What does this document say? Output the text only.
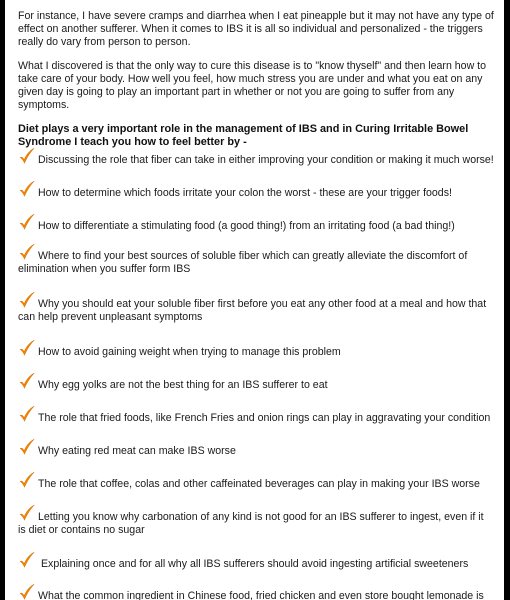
For instance, I have severe cramps and diarrhea when I eat pineapple but it may not have any type of effect on another sufferer. When it comes to IBS it is all so individual and personalized - the triggers really do vary from person to person.

What I discovered is that the only way to cure this disease is to "know thyself" and then learn how to take care of your body. How well you feel, how much stress you are under and what you eat on any given day is going to play an important part in whether or not you are going to suffer from any symptoms.

Diet plays a very important role in the management of IBS and in Curing Irritable Bowel Syndrome I teach you how to feel better by -

Discussing the role that fiber can take in either improving your condition or making it much worse!
How to determine which foods irritate your colon the worst - these are your trigger foods!
How to differentiate a stimulating food (a good thing!) from an irritating food (a bad thing!)
Where to find your best sources of soluble fiber which can greatly alleviate the discomfort of elimination when you suffer form IBS
Why you should eat your soluble fiber first before you eat any other food at a meal and how that can help prevent unpleasant symptoms
How to avoid gaining weight when trying to manage this problem
Why egg yolks are not the best thing for an IBS sufferer to eat
The role that fried foods, like French Fries and onion rings can play in aggravating your condition
Why eating red meat can make IBS worse
The role that coffee, colas and other caffeinated beverages can play in making your IBS worse
Letting you know why carbonation of any kind is not good for an IBS sufferer to ingest, even if it is diet or contains no sugar
Explaining once and for all why all IBS sufferers should avoid ingesting artificial sweeteners
What the common ingredient in Chinese food, fried chicken and even store bought lemonade is
